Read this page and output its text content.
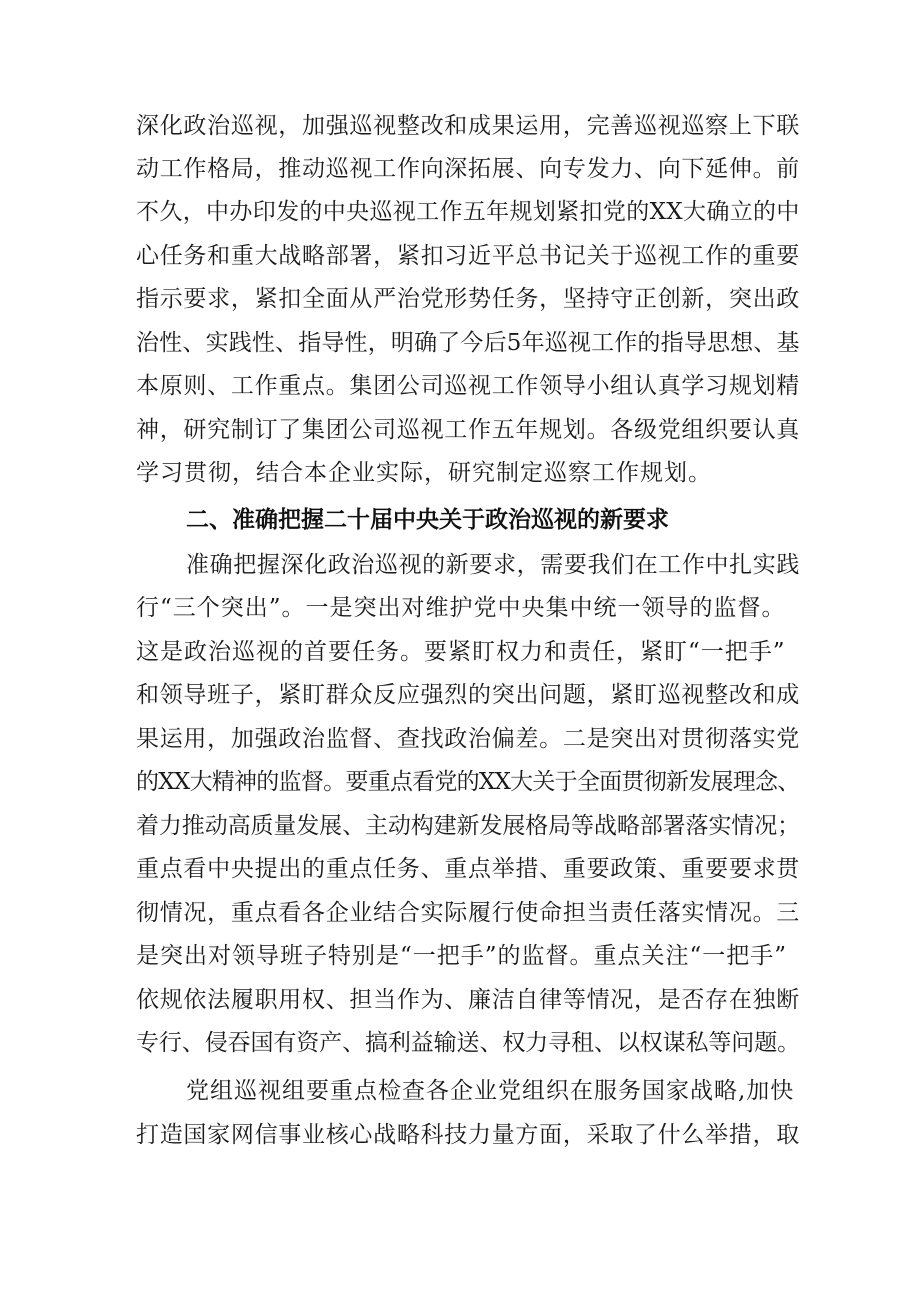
深化政治巡视，加强巡视整改和成果运用，完善巡视巡察上下联
动工作格局，推动巡视工作向深拓展、向专发力、向下延伸。前
不久，中办印发的中央巡视工作五年规划紧扣党的XX大确立的中
心任务和重大战略部署，紧扣习近平总书记关于巡视工作的重要
指示要求，紧扣全面从严治党形势任务，坚持守正创新，突出政
治性、实践性、指导性，明确了今后5年巡视工作的指导思想、基
本原则、工作重点。集团公司巡视工作领导小组认真学习规划精
神，研究制订了集团公司巡视工作五年规划。各级党组织要认真
学习贯彻，结合本企业实际，研究制定巡察工作规划。
二、准确把握二十届中央关于政治巡视的新要求
准确把握深化政治巡视的新要求，需要我们在工作中扎实践
行“三个突出”。一是突出对维护党中央集中统一领导的监督。
这是政治巡视的首要任务。要紧盯权力和责任，紧盯“一把手”
和领导班子，紧盯群众反应强烈的突出问题，紧盯巡视整改和成
果运用，加强政治监督、查找政治偏差。二是突出对贯彻落实党
的XX大精神的监督。要重点看党的XX大关于全面贯彻新发展理念、
着力推动高质量发展、主动构建新发展格局等战略部署落实情况；
重点看中央提出的重点任务、重点举措、重要政策、重要要求贯
彻情况，重点看各企业结合实际履行使命担当责任落实情况。三
是突出对领导班子特别是“一把手”的监督。重点关注“一把手”
依规依法履职用权、担当作为、廉洁自律等情况，是否存在独断
专行、侵吞国有资产、搞利益输送、权力寻租、以权谋私等问题。
党组巡视组要重点检查各企业党组织在服务国家战略,加快
打造国家网信事业核心战略科技力量方面，采取了什么举措，取
